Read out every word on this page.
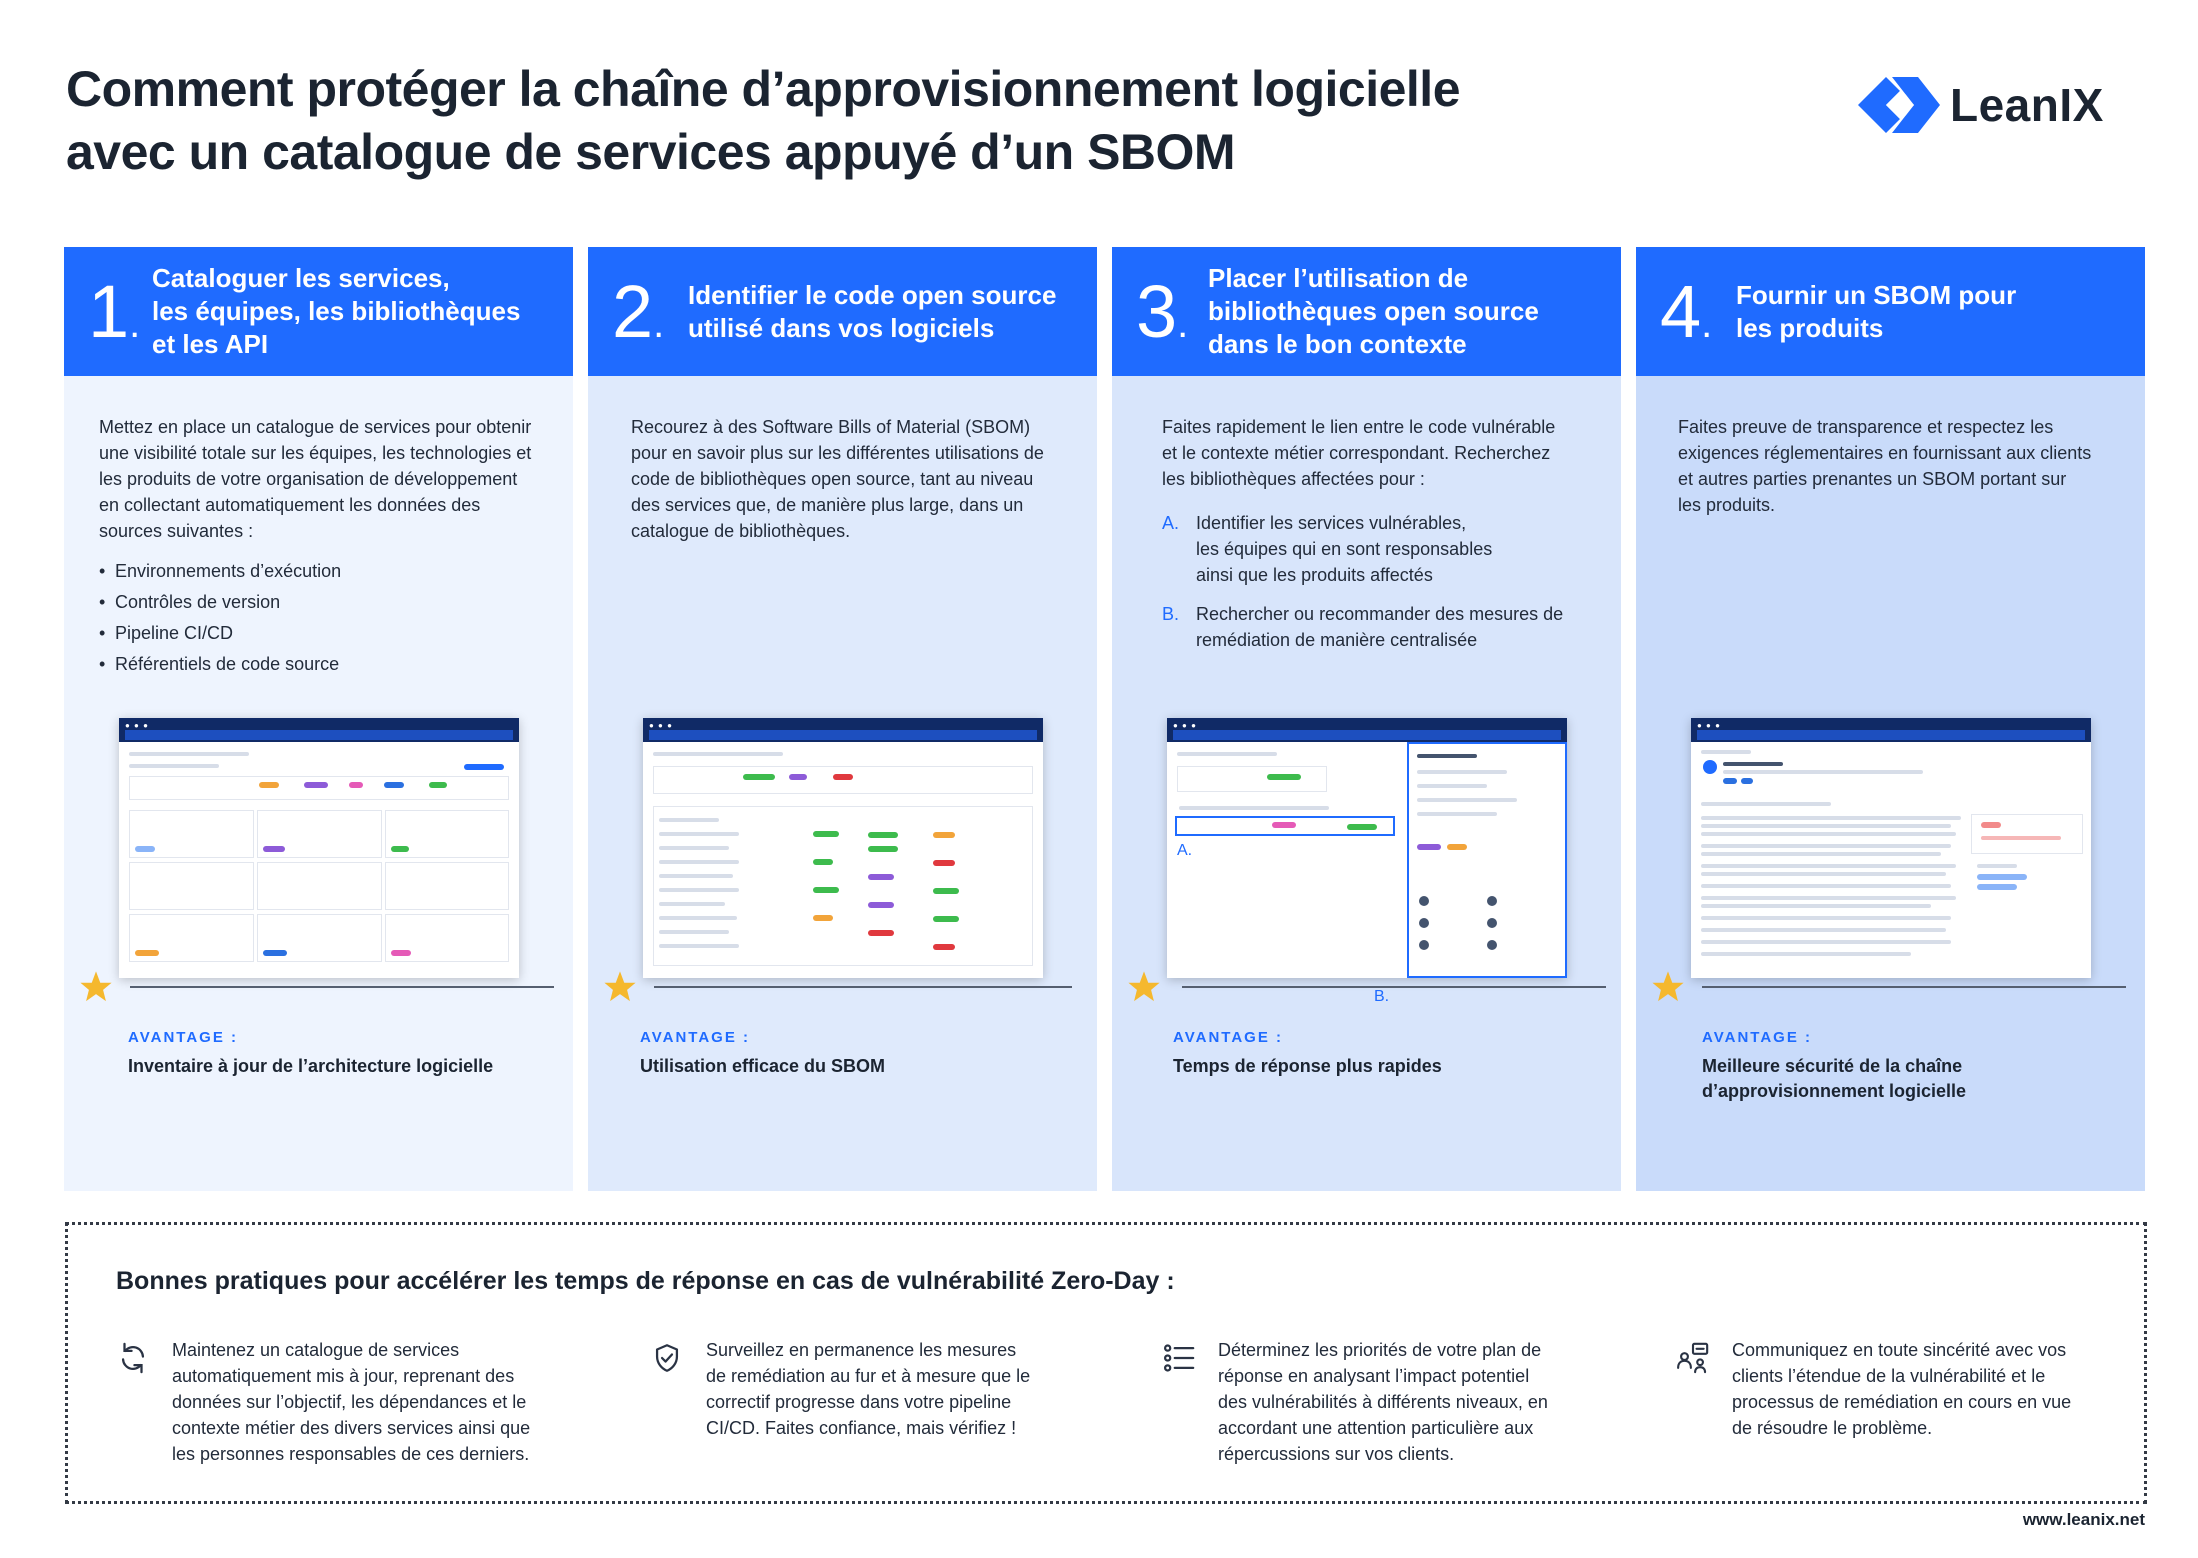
Comment protéger la chaîne d’approvisionnement logicielle
avec un catalogue de services appuyé d’un SBOM
LeanIX
1.
Cataloguer les services,
les équipes, les bibliothèques
et les API
Mettez en place un catalogue de services pour obtenir
une visibilité totale sur les équipes, les technologies et
les produits de votre organisation de développement
en collectant automatiquement les données des
sources suivantes :
• Environnements d’exécution
• Contrôles de version
• Pipeline CI/CD
• Référentiels de code source
● ● ●
AVANTAGE :
Inventaire à jour de l’architecture logicielle
2.
Identifier le code open source
utilisé dans vos logiciels
Recourez à des Software Bills of Material (SBOM)
pour en savoir plus sur les différentes utilisations de
code de bibliothèques open source, tant au niveau
des services que, de manière plus large, dans un
catalogue de bibliothèques.
● ● ●
AVANTAGE :
Utilisation efficace du SBOM
3.
Placer l’utilisation de
bibliothèques open source
dans le bon contexte
Faites rapidement le lien entre le code vulnérable
et le contexte métier correspondant. Recherchez
les bibliothèques affectées pour :
A. Identifier les services vulnérables,
les équipes qui en sont responsables
ainsi que les produits affectés
B. Rechercher ou recommander des mesures de
remédiation de manière centralisée
● ● ●
A.
B.
AVANTAGE :
Temps de réponse plus rapides
4.
Fournir un SBOM pour
les produits
Faites preuve de transparence et respectez les
exigences réglementaires en fournissant aux clients
et autres parties prenantes un SBOM portant sur
les produits.
● ● ●
AVANTAGE :
Meilleure sécurité de la chaîne
d’approvisionnement logicielle
Bonnes pratiques pour accélérer les temps de réponse en cas de vulnérabilité Zero-Day :
Maintenez un catalogue de services
automatiquement mis à jour, reprenant des
données sur l’objectif, les dépendances et le
contexte métier des divers services ainsi que
les personnes responsables de ces derniers.
Surveillez en permanence les mesures
de remédiation au fur et à mesure que le
correctif progresse dans votre pipeline
CI/CD. Faites confiance, mais vérifiez !
Déterminez les priorités de votre plan de
réponse en analysant l’impact potentiel
des vulnérabilités à différents niveaux, en
accordant une attention particulière aux
répercussions sur vos clients.
Communiquez en toute sincérité avec vos
clients l’étendue de la vulnérabilité et le
processus de remédiation en cours en vue
de résoudre le problème.
www.leanix.net
